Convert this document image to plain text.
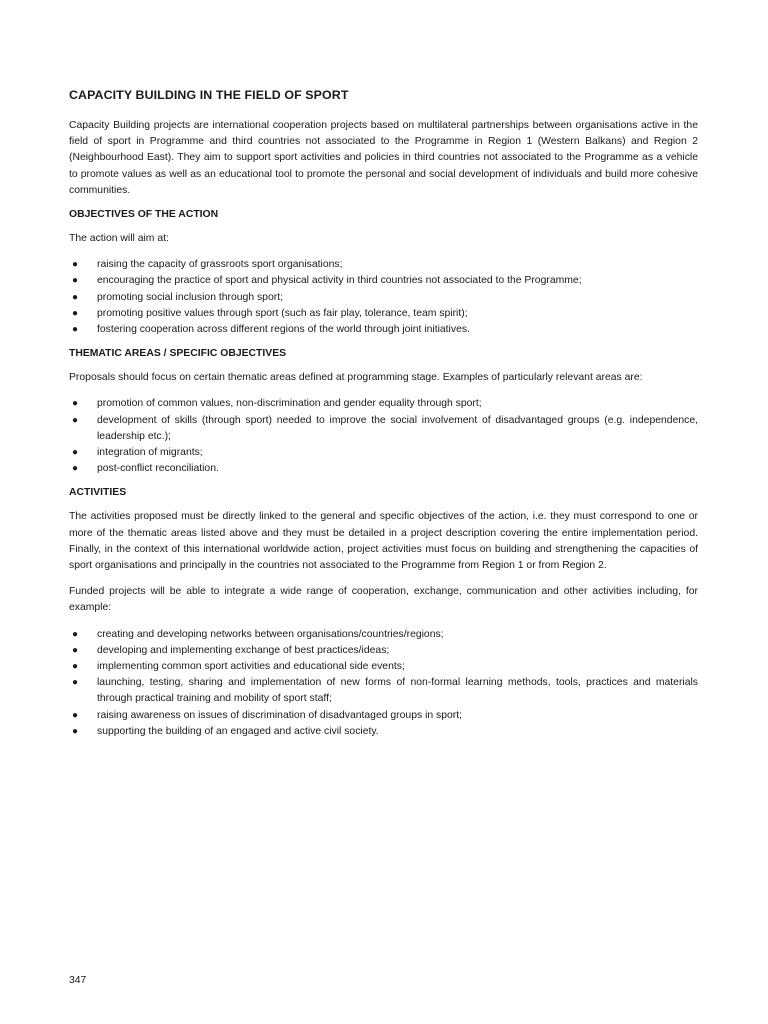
CAPACITY BUILDING IN THE FIELD OF SPORT

Capacity Building projects are international cooperation projects based on multilateral partnerships between organisations active in the field of sport in Programme and third countries not associated to the Programme in Region 1 (Western Balkans) and Region 2 (Neighbourhood East). They aim to support sport activities and policies in third countries not associated to the Programme as a vehicle to promote values as well as an educational tool to promote the personal and social development of individuals and build more cohesive communities.

OBJECTIVES OF THE ACTION

The action will aim at:

● raising the capacity of grassroots sport organisations;
● encouraging the practice of sport and physical activity in third countries not associated to the Programme;
● promoting social inclusion through sport;
● promoting positive values through sport (such as fair play, tolerance, team spirit);
● fostering cooperation across different regions of the world through joint initiatives.
THEMATIC AREAS / SPECIFIC OBJECTIVES

Proposals should focus on certain thematic areas defined at programming stage. Examples of particularly relevant areas are:

● promotion of common values, non-discrimination and gender equality through sport;
● development of skills (through sport) needed to improve the social involvement of disadvantaged groups (e.g. independence, leadership etc.);
● integration of migrants;
● post-conflict reconciliation.
ACTIVITIES

The activities proposed must be directly linked to the general and specific objectives of the action, i.e. they must correspond to one or more of the thematic areas listed above and they must be detailed in a project description covering the entire implementation period. Finally, in the context of this international worldwide action, project activities must focus on building and strengthening the capacities of sport organisations and principally in the countries not associated to the Programme from Region 1 or from Region 2.

Funded projects will be able to integrate a wide range of cooperation, exchange, communication and other activities including, for example:

● creating and developing networks between organisations/countries/regions;
● developing and implementing exchange of best practices/ideas;
● implementing common sport activities and educational side events;
● launching, testing, sharing and implementation of new forms of non-formal learning methods, tools, practices and materials through practical training and mobility of sport staff;
● raising awareness on issues of discrimination of disadvantaged groups in sport;
● supporting the building of an engaged and active civil society.
347
